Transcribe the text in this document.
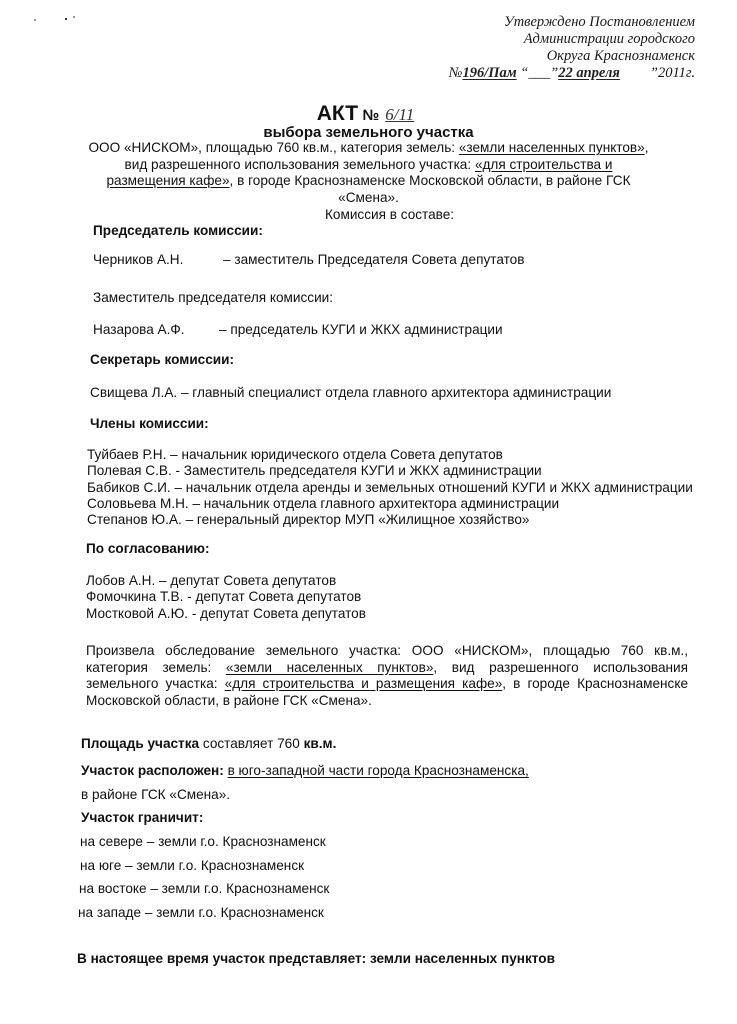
Утверждено Постановлением
Администрации городского
Округа Краснознаменск
№196/Пам “___”22 апреля ”2011г.
АКТ № 6/11
выбора земельного участка
ООО «НИСКОМ», площадью 760 кв.м., категория земель: «земли населенных пунктов», вид разрешенного использования земельного участка: «для строительства и размещения кафе», в городе Краснознаменске Московской области, в районе ГСК «Смена».
Комиссия в составе:
Председатель комиссии:
Черников А.Н.	– заместитель Председателя Совета депутатов
Заместитель председателя комиссии:
Назарова А.Ф.	– председатель КУГИ и ЖКХ администрации
Секретарь комиссии:
Свищева Л.А. – главный специалист отдела главного архитектора администрации
Члены комиссии:
Туйбаев Р.Н. – начальник юридического отдела Совета депутатов
Полевая С.В. - Заместитель председателя КУГИ и ЖКХ администрации
Бабиков С.И. – начальник отдела аренды и земельных отношений КУГИ и ЖКХ администрации
Соловьева М.Н. – начальник отдела главного архитектора администрации
Степанов Ю.А. – генеральный директор МУП «Жилищное хозяйство»
По согласованию:
Лобов А.Н. – депутат Совета депутатов
Фомочкина Т.В. - депутат Совета депутатов
Мостковой А.Ю. - депутат Совета депутатов
Произвела обследование земельного участка: ООО «НИСКОМ», площадью 760 кв.м., категория земель: «земли населенных пунктов», вид разрешенного использования земельного участка: «для строительства и размещения кафе», в городе Краснознаменске Московской области, в районе ГСК «Смена».
Площадь участка составляет 760 кв.м.
Участок расположен: в юго-западной части города Краснознаменска,
в районе ГСК «Смена».
Участок граничит:
на севере – земли г.о. Краснознаменск
на юге – земли г.о. Краснознаменск
на востоке – земли г.о. Краснознаменск
на западе – земли г.о. Краснознаменск
В настоящее время участок представляет: земли населенных пунктов
